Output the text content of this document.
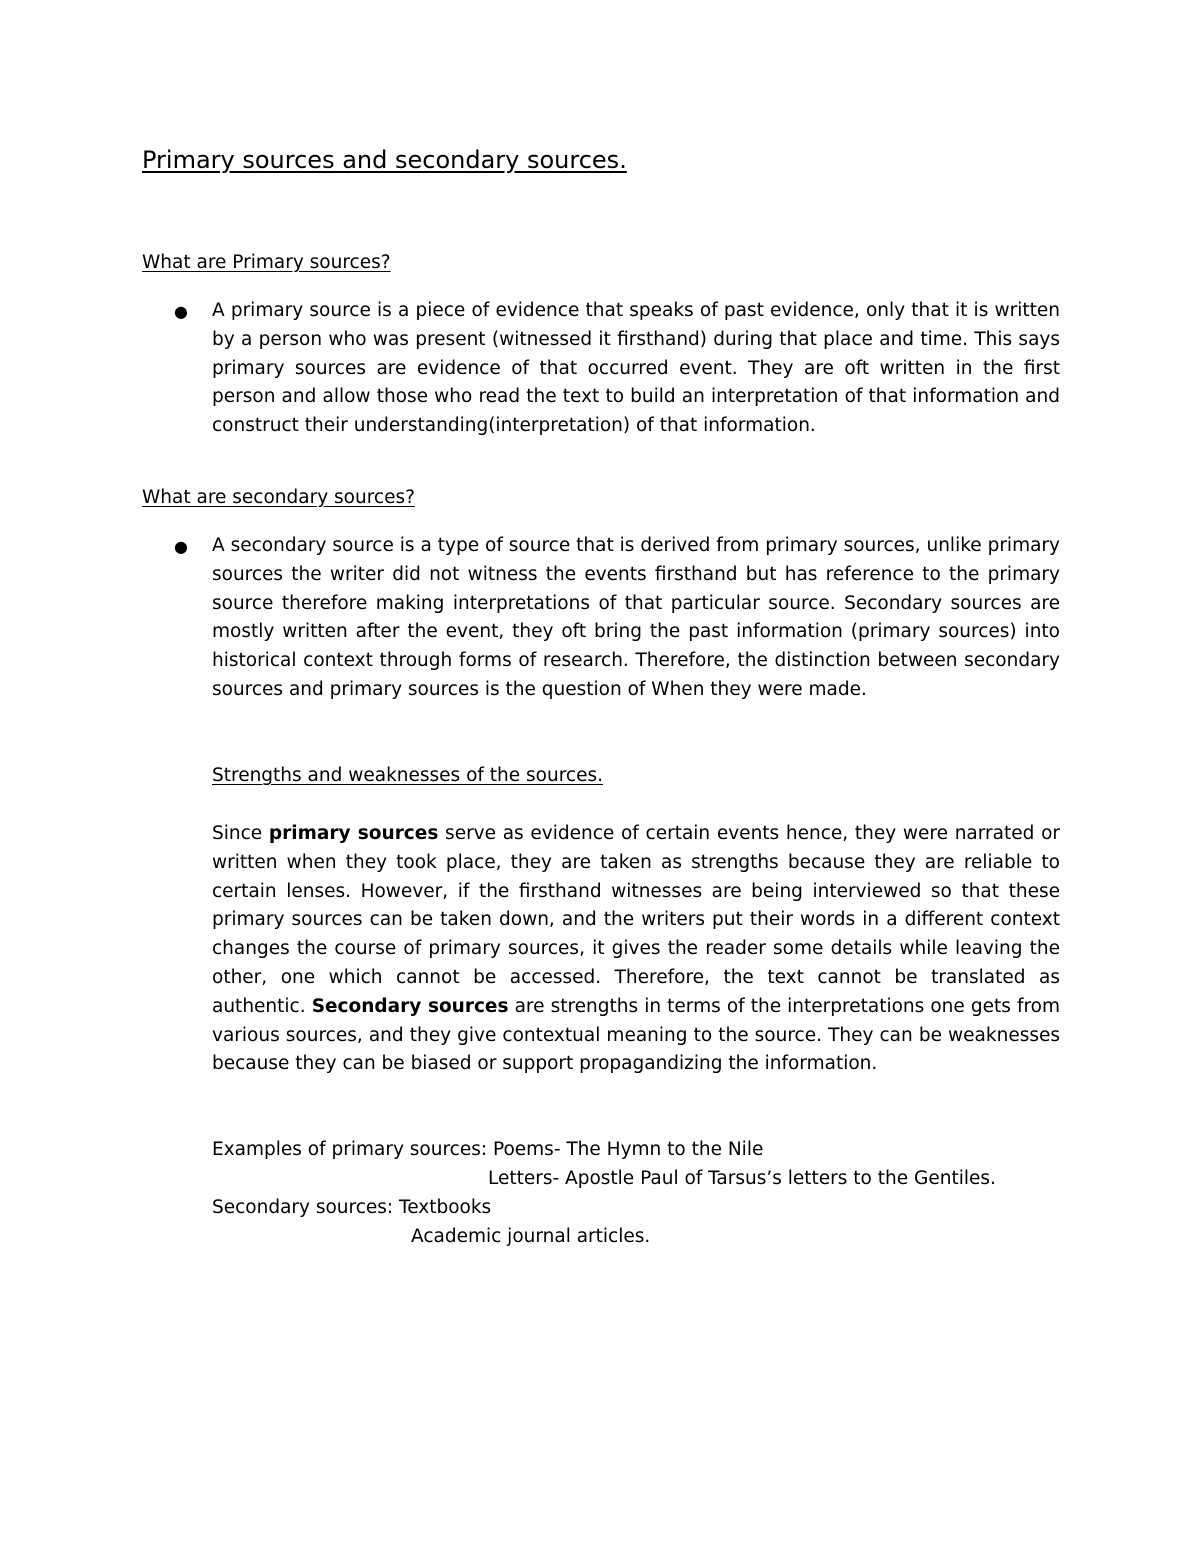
Primary sources and secondary sources.
What are Primary sources?
● A primary source is a piece of evidence that speaks of past evidence, only that it is written by a person who was present (witnessed it firsthand) during that place and time. This says primary sources are evidence of that occurred event. They are oft written in the first person and allow those who read the text to build an interpretation of that information and construct their understanding(interpretation) of that information.

What are secondary sources?
● A secondary source is a type of source that is derived from primary sources, unlike primary sources the writer did not witness the events firsthand but has reference to the primary source therefore making interpretations of that particular source. Secondary sources are mostly written after the event, they oft bring the past information (primary sources) into historical context through forms of research. Therefore, the distinction between secondary sources and primary sources is the question of When they were made.

Strengths and weaknesses of the sources.

Since primary sources serve as evidence of certain events hence, they were narrated or written when they took place, they are taken as strengths because they are reliable to certain lenses. However, if the firsthand witnesses are being interviewed so that these primary sources can be taken down, and the writers put their words in a different context changes the course of primary sources, it gives the reader some details while leaving the other, one which cannot be accessed. Therefore, the text cannot be translated as authentic. Secondary sources are strengths in terms of the interpretations one gets from various sources, and they give contextual meaning to the source. They can be weaknesses because they can be biased or support propagandizing the information.

Examples of primary sources: Poems- The Hymn to the Nile

Letters- Apostle Paul of Tarsus’s letters to the Gentiles.

Secondary sources: Textbooks

Academic journal articles.
